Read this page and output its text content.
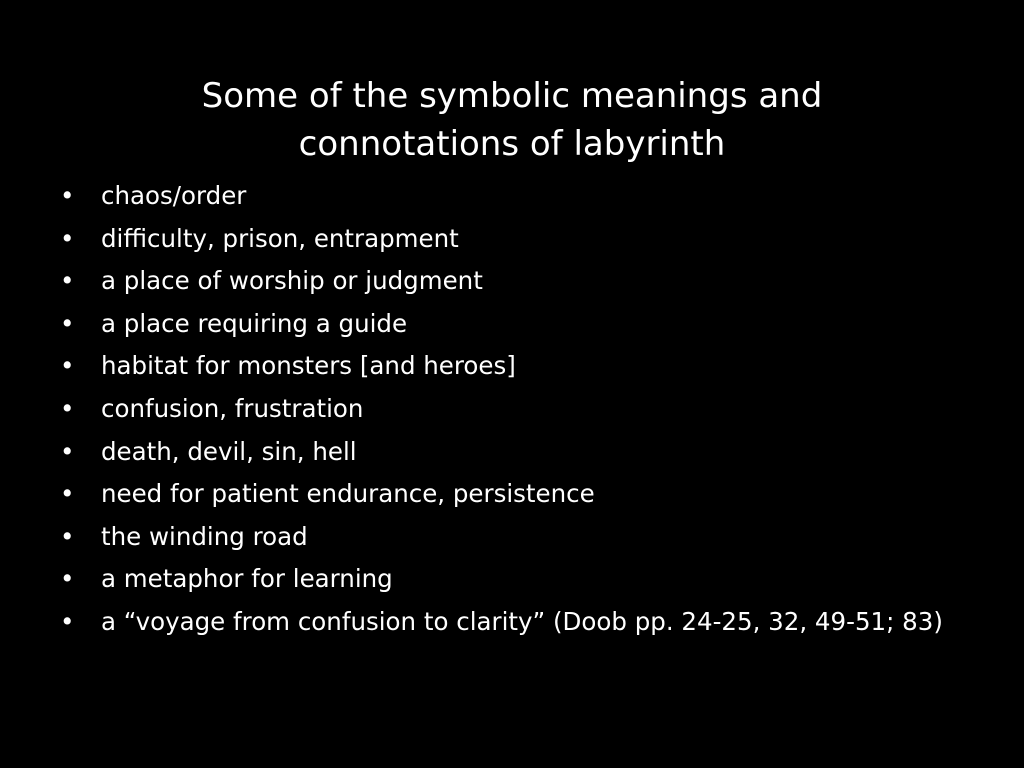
Some of the symbolic meanings and
connotations of labyrinth
• chaos/order
• difficulty, prison, entrapment
• a place of worship or judgment
• a place requiring a guide
• habitat for monsters [and heroes]
• confusion, frustration
• death, devil, sin, hell
• need for patient endurance, persistence
• the winding road
• a metaphor for learning
• a “voyage from confusion to clarity” (Doob pp. 24-25, 32, 49-51; 83)
